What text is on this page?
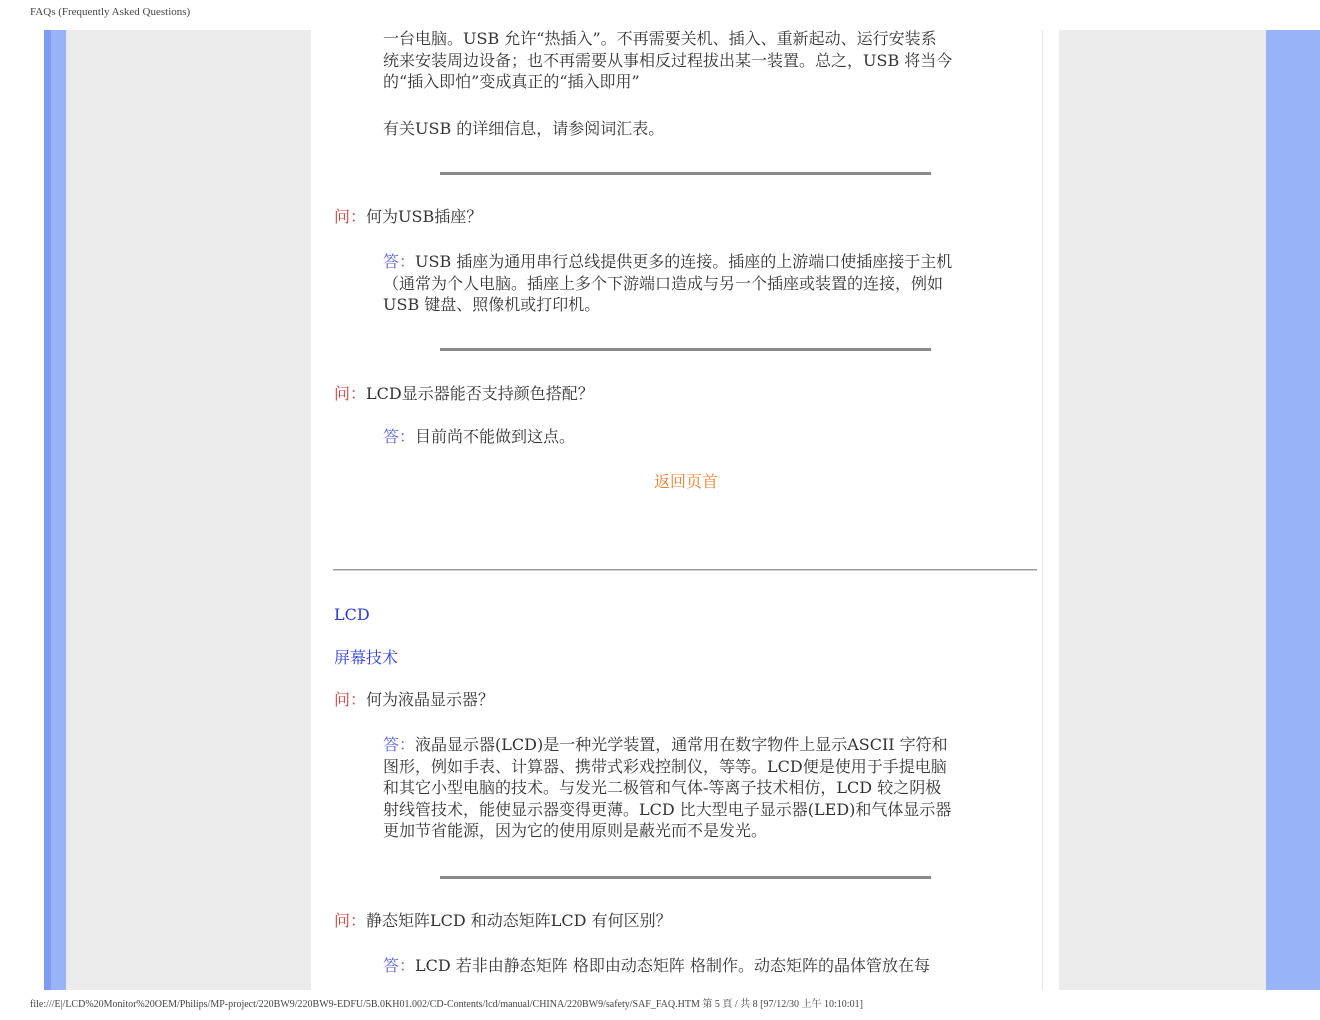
FAQs (Frequently Asked Questions)
一台电脑。USB 允许“热插入”。不再需要关机、插入、重新起动、运行安装系
统来安装周边设备；也不再需要从事相反过程拔出某一装置。总之，USB 将当今
的“插入即怕”变成真正的“插入即用”
有关USB 的详细信息，请参阅词汇表。
问：何为USB插座？
答：USB 插座为通用串行总线提供更多的连接。插座的上游端口使插座接于主机
（通常为个人电脑。插座上多个下游端口造成与另一个插座或装置的连接，例如
USB 键盘、照像机或打印机。
问：LCD显示器能否支持颜色搭配？
答：目前尚不能做到这点。
返回页首
LCD
屏幕技术
问：何为液晶显示器？
答：液晶显示器(LCD)是一种光学装置，通常用在数字物件上显示ASCII 字符和
图形，例如手表、计算器、携带式彩戏控制仪，等等。LCD便是使用于手提电脑
和其它小型电脑的技术。与发光二极管和气体-等离子技术相仿，LCD 较之阴极
射线管技术，能使显示器变得更薄。LCD 比大型电子显示器(LED)和气体显示器
更加节省能源，因为它的使用原则是蔽光而不是发光。
问：静态矩阵LCD 和动态矩阵LCD 有何区别？
答：LCD 若非由静态矩阵 格即由动态矩阵 格制作。动态矩阵的晶体管放在每
file:///E|/LCD%20Monitor%20OEM/Philips/MP-project/220BW9/220BW9-EDFU/5B.0KH01.002/CD-Contents/lcd/manual/CHINA/220BW9/safety/SAF_FAQ.HTM 第 5 頁 / 共 8 [97/12/30 上午 10:10:01]
